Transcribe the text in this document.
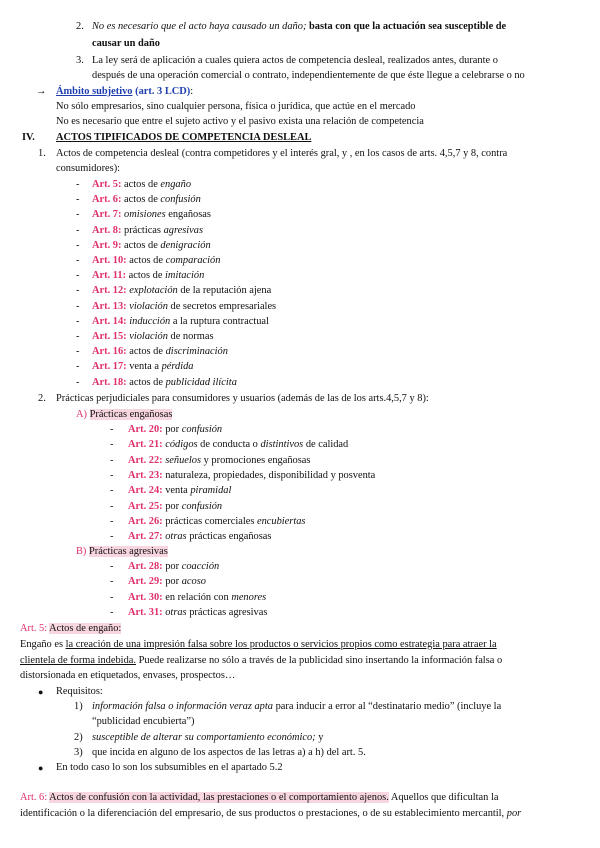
2. No es necesario que el acto haya causado un daño; basta con que la actuación sea susceptible de
causar un daño
3. La ley será de aplicación a cuales quiera actos de competencia desleal, realizados antes, durante o
después de una operación comercial o contrato, independientemente de que éste llegue a celebrarse o no
→ Ámbito subjetivo (art. 3 LCD):
No sólo empresarios, sino cualquier persona, física o jurídica, que actúe en el mercado
No es necesario que entre el sujeto activo y el pasivo exista una relación de competencia
IV. ACTOS TIPIFICADOS DE COMPETENCIA DESLEAL
1. Actos de competencia desleal (contra competidores y el interés gral, y , en los casos de arts. 4,5,7 y 8, contra
consumidores):
- Art. 5: actos de engaño
- Art. 6: actos de confusión
- Art. 7: omisiones engañosas
- Art. 8: prácticas agresivas
- Art. 9: actos de denigración
- Art. 10: actos de comparación
- Art. 11: actos de imitación
- Art. 12: explotación de la reputación ajena
- Art. 13: violación de secretos empresariales
- Art. 14: inducción a la ruptura contractual
- Art. 15: violación de normas
- Art. 16: actos de discriminación
- Art. 17: venta a pérdida
- Art. 18: actos de publicidad ilícita
2. Prácticas perjudiciales para consumidores y usuarios (además de las de los arts.4,5,7 y 8):
A) Prácticas engañosas
- Art. 20: por confusión
- Art. 21: códigos de conducta o distintivos de calidad
- Art. 22: señuelos y promociones engañosas
- Art. 23: naturaleza, propiedades, disponibilidad y posventa
- Art. 24: venta piramidal
- Art. 25: por confusión
- Art. 26: prácticas comerciales encubiertas
- Art. 27: otras prácticas engañosas
B) Prácticas agresivas
- Art. 28: por coacción
- Art. 29: por acoso
- Art. 30: en relación con menores
- Art. 31: otras prácticas agresivas
Art. 5: Actos de engaño:
Engaño es la creación de una impresión falsa sobre los productos o servicios propios como estrategia para atraer la
clientela de forma indebida. Puede realizarse no sólo a través de la publicidad sino insertando la información falsa o
distorsionada en etiquetados, envases, prospectos…
● Requisitos:
1) información falsa o información veraz apta para inducir a error al “destinatario medio” (incluye la
“publicidad encubierta”)
2) susceptible de alterar su comportamiento económico; y
3) que incida en alguno de los aspectos de las letras a) a h) del art. 5.
● En todo caso lo son los subsumibles en el apartado 5.2
Art. 6: Actos de confusión con la actividad, las prestaciones o el comportamiento ajenos. Aquellos que dificultan la
identificación o la diferenciación del empresario, de sus productos o prestaciones, o de su establecimiento mercantil, por
